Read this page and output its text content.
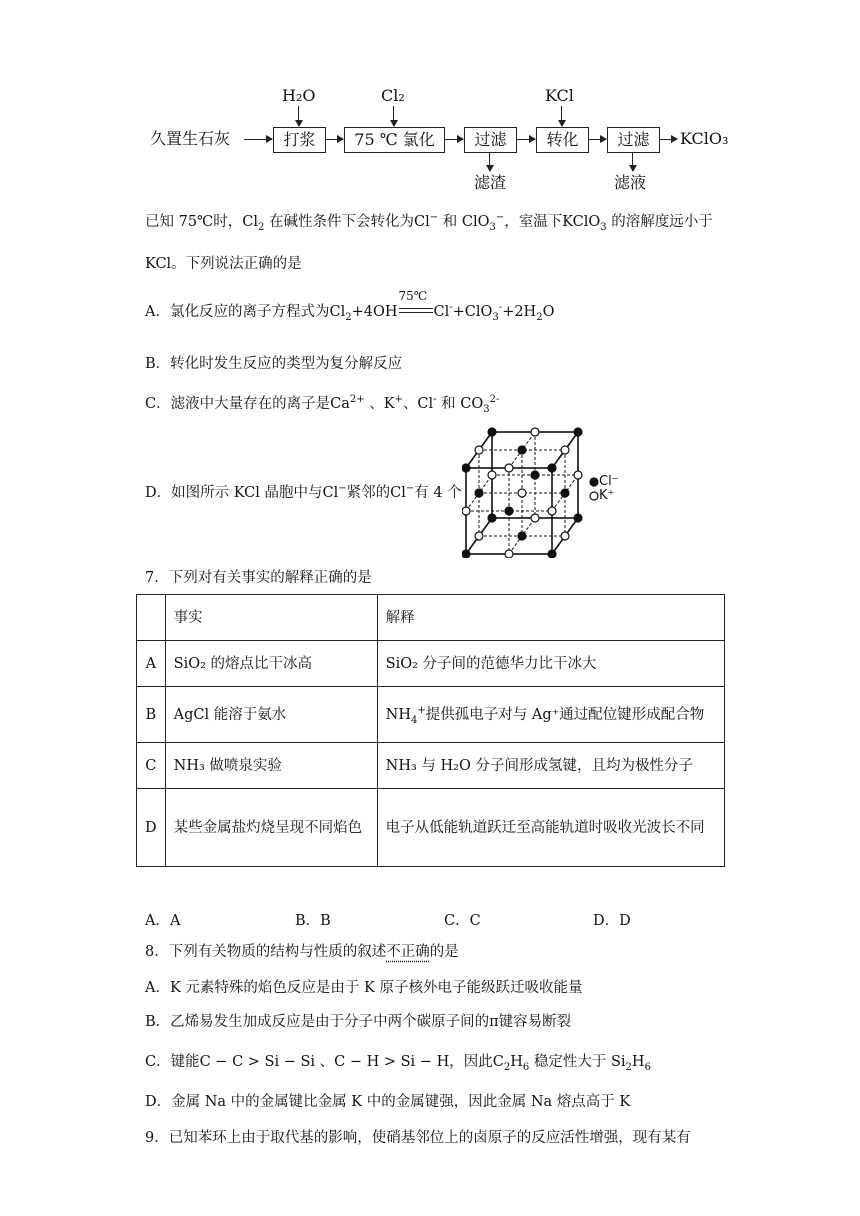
久置生石灰	打浆	75 ℃ 氯化	过滤	转化	过滤	KClO₃
H₂O	Cl₂	KCl
滤渣	滤液
已知 75℃时，$Cl_2$ 在碱性条件下会转化为Cl− 和 ClO$_3$−，室温下KClO$_3$ 的溶解度远小于
KCl。下列说法正确的是
A．氯化反应的离子方程式为$Cl_2+4OH$
75℃
$Cl^-+ClO_3^-+2H_2O$
B．转化时发生反应的类型为复分解反应
C．滤液中大量存在的离子是$Ca^{2+}$ 、K+、Cl- 和 $CO_3^{2-}$
D．如图所示 KCl 晶胞中与Cl−紧邻的Cl−有 4 个
Cl⁻
K⁺
7．下列对有关事实的解释正确的是
	事实	解释
A	SiO₂ 的熔点比干冰高	SiO₂ 分子间的范德华力比干冰大
B	AgCl 能溶于氨水	$NH_4^+$提供孤电子对与 Ag⁺通过配位键形成配合物
C	NH₃ 做喷泉实验	NH₃ 与 H₂O 分子间形成氢键，且均为极性分子
D	某些金属盐灼烧呈现不同焰色	电子从低能轨道跃迁至高能轨道时吸收光波长不同
A．A	B．B	C．C	D．D
8．下列有关物质的结构与性质的叙述不正确的是
A．K 元素特殊的焰色反应是由于 K 原子核外电子能级跃迁吸收能量
B．乙烯易发生加成反应是由于分子中两个碳原子间的π键容易断裂
C．键能C − C > Si − Si 、C − H > Si − H，因此$C_2H_6$ 稳定性大于 $Si_2H_6$
D．金属 Na 中的金属键比金属 K 中的金属键强，因此金属 Na 熔点高于 K
9．已知苯环上由于取代基的影响，使硝基邻位上的卤原子的反应活性增强，现有某有
